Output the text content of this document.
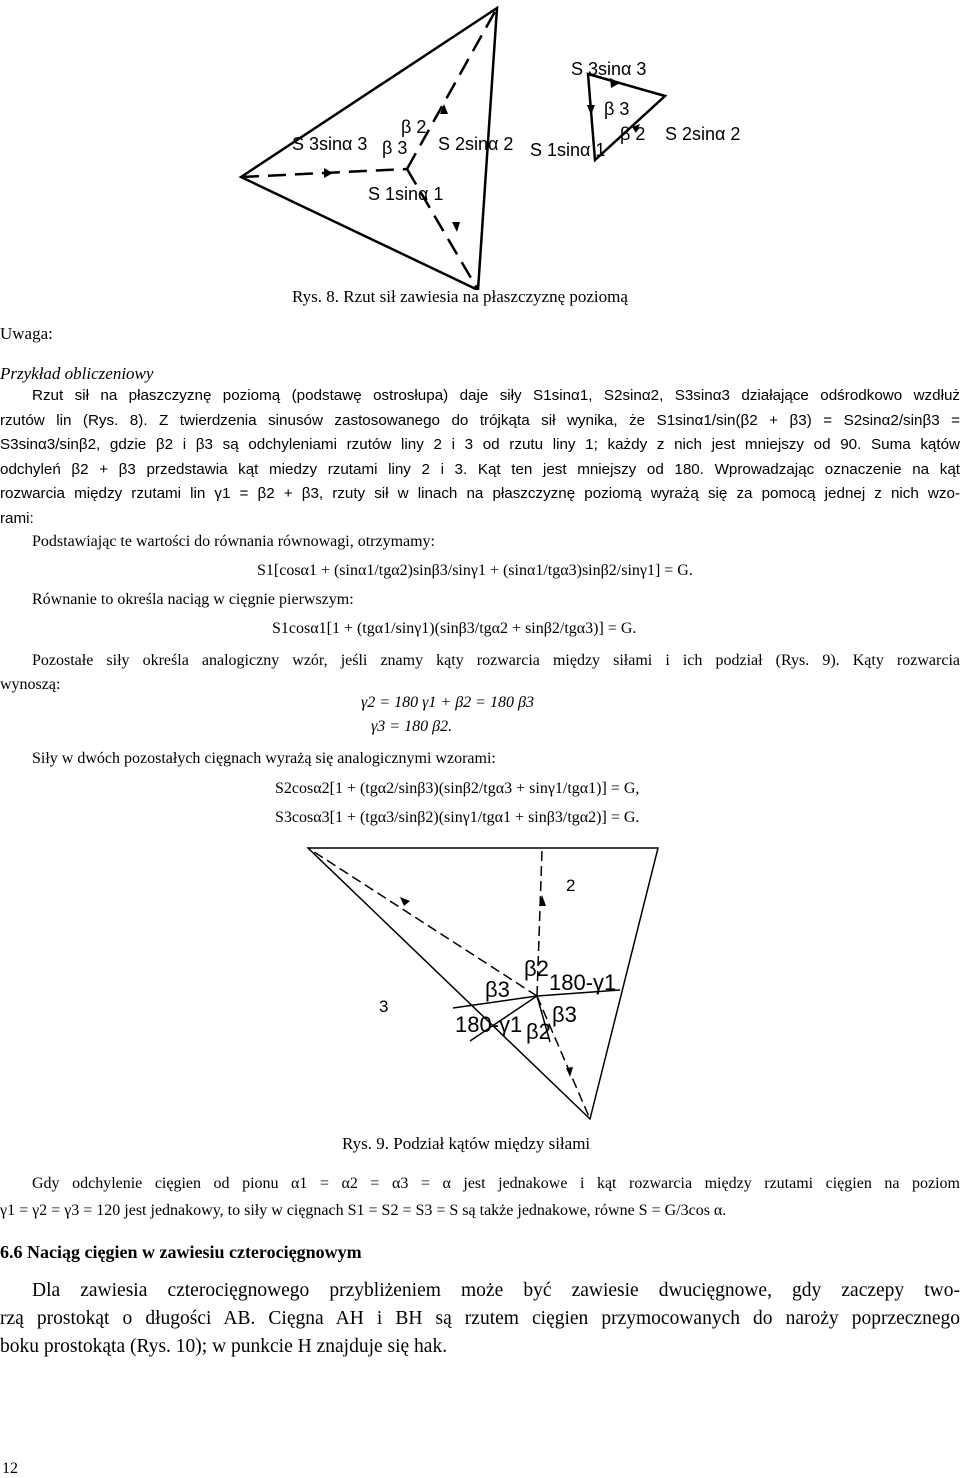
S 3sinα 3
β 2
β 3 S 2sinα 2
S 1sinα 1
S 1sinα 1
S 3sinα 3
β 3
β 2 S 2sinα 2
Rys. 8. Rzut sił zawiesia na płaszczyznę poziomą
Uwaga:
Przykład obliczeniowy
Rzut sił na płaszczyznę poziomą (podstawę ostrosłupa) daje siły S1sinα1, S2sinα2, S3sinα3 działające odśrodkowo wzdłuż
rzutów lin (Rys. 8). Z twierdzenia sinusów zastosowanego do trójkąta sił wynika, że S1sinα1/sin(β2 + β3) = S2sinα2/sinβ3 =
S3sinα3/sinβ2, gdzie β2 i β3 są odchyleniami rzutów liny 2 i 3 od rzutu liny 1; każdy z nich jest mniejszy od 90. Suma kątów
odchyleń β2 + β3 przedstawia kąt miedzy rzutami liny 2 i 3. Kąt ten jest mniejszy od 180. Wprowadzając oznaczenie na kąt
rozwarcia między rzutami lin γ1 = β2 + β3, rzuty sił w linach na płaszczyznę poziomą wyrażą się za pomocą jednej z nich wzo-
rami:
Podstawiając te wartości do równania równowagi, otrzymamy:
S1[cosα1 + (sinα1/tgα2)sinβ3/sinγ1 + (sinα1/tgα3)sinβ2/sinγ1] = G.
Równanie to określa naciąg w cięgnie pierwszym:
S1cosα1[1 + (tgα1/sinγ1)(sinβ3/tgα2 + sinβ2/tgα3)] = G.
Pozostałe siły określa analogiczny wzór, jeśli znamy kąty rozwarcia między siłami i ich podział (Rys. 9). Kąty rozwarcia
wynoszą:
γ2 = 180 γ1 + β2 = 180 β3
γ3 = 180 β2.
Siły w dwóch pozostałych cięgnach wyrażą się analogicznymi wzorami:
S2cosα2[1 + (tgα2/sinβ3)(sinβ2/tgα3 + sinγ1/tgα1)] = G,
S3cosα3[1 + (tgα3/sinβ2)(sinγ1/tgα1 + sinβ3/tgα2)] = G.
2
3
β2
180-γ1
β3
β3
180-γ1 β2
Rys. 9. Podział kątów między siłami
Gdy odchylenie cięgien od pionu α1 = α2 = α3 = α jest jednakowe i kąt rozwarcia między rzutami cięgien na poziom
γ1 = γ2 = γ3 = 120 jest jednakowy, to siły w cięgnach S1 = S2 = S3 = S są także jednakowe, równe S = G/3cos α.
6.6 Naciąg cięgien w zawiesiu czterocięgnowym
Dla zawiesia czterocięgnowego przybliżeniem może być zawiesie dwucięgnowe, gdy zaczepy two-
rzą prostokąt o długości AB. Cięgna AH i BH są rzutem cięgien przymocowanych do naroży poprzecznego
boku prostokąta (Rys. 10); w punkcie H znajduje się hak.
12
